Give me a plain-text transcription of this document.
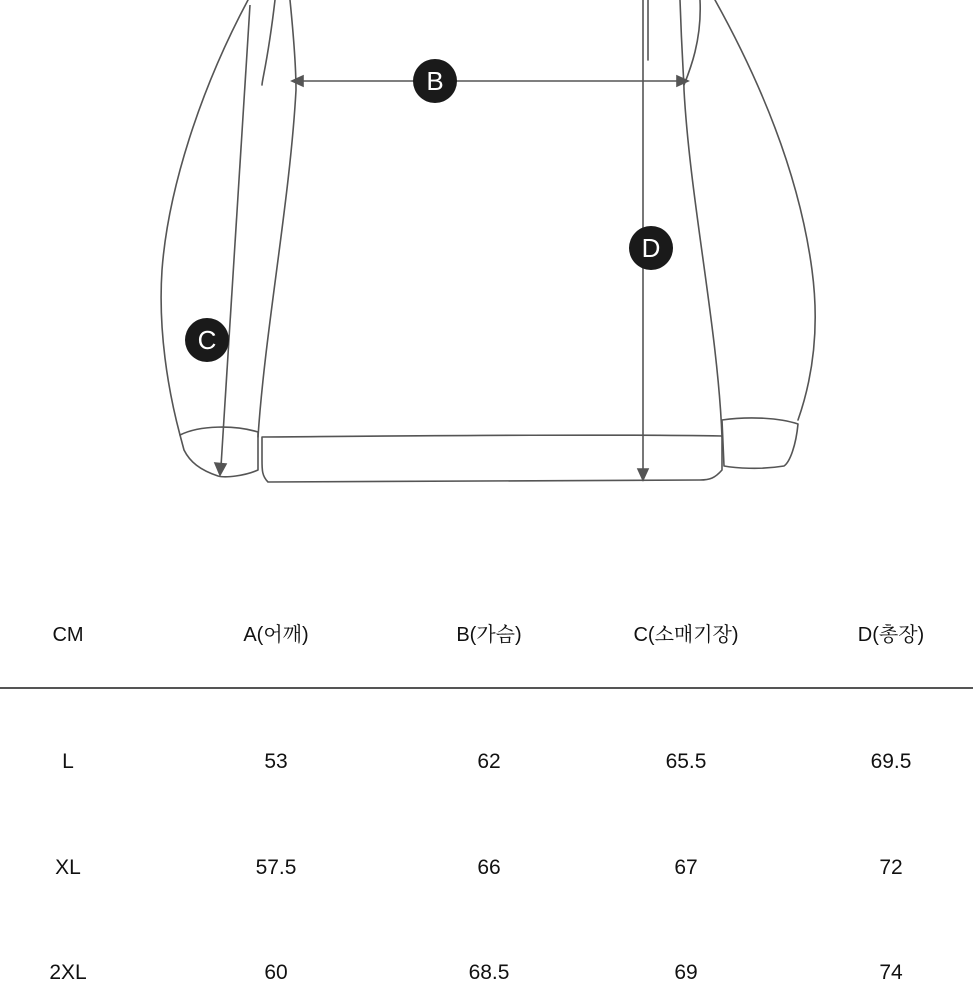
B
D
C
CM	A(어깨)	B(가슴)	C(소매기장)	D(총장)
L	53	62	65.5	69.5
XL	57.5	66	67	72
2XL	60	68.5	69	74
